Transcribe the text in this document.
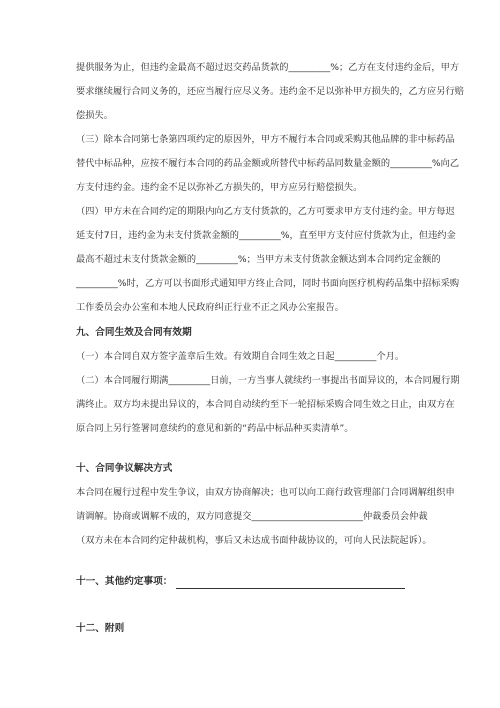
提供服务为止，但违约金最高不超过迟交药品货款的_________%；乙方在支付违约金后，甲方
要求继续履行合同义务的，还应当履行应尽义务。违约金不足以弥补甲方损失的，乙方应另行赔
偿损失。
（三）除本合同第七条第四项约定的原因外，甲方不履行本合同或采购其他品牌的非中标药品
替代中标品种，应按不履行本合同的药品金额或所替代中标药品同数量金额的_________%向乙
方支付违约金。违约金不足以弥补乙方损失的，甲方应另行赔偿损失。
（四）甲方未在合同约定的期限内向乙方支付货款的，乙方可要求甲方支付违约金。甲方每迟
延支付7日，违约金为未支付货款金额的_________%，直至甲方支付应付货款为止，但违约金
最高不超过未支付货款金额的_________%；当甲方未支付货款金额达到本合同约定金额的
_________%时，乙方可以书面形式通知甲方终止合同，同时书面向医疗机构药品集中招标采购
工作委员会办公室和本地人民政府纠正行业不正之风办公室报告。
九、合同生效及合同有效期
（一）本合同自双方签字盖章后生效。有效期自合同生效之日起_________个月。
（二）本合同履行期满_________日前，一方当事人就续约一事提出书面异议的，本合同履行期
满终止。双方均未提出异议的，本合同自动续约至下一轮招标采购合同生效之日止，由双方在
原合同上另行签署同意续约的意见和新的“药品中标品种买卖清单”。
十、合同争议解决方式
本合同在履行过程中发生争议，由双方协商解决；也可以向工商行政管理部门合同调解组织申
请调解。协商或调解不成的，双方同意提交________________________仲裁委员会仲裁
（双方未在本合同约定仲裁机构，事后又未达成书面仲裁协议的，可向人民法院起诉）。
十一、其他约定事项：
十二、附则
